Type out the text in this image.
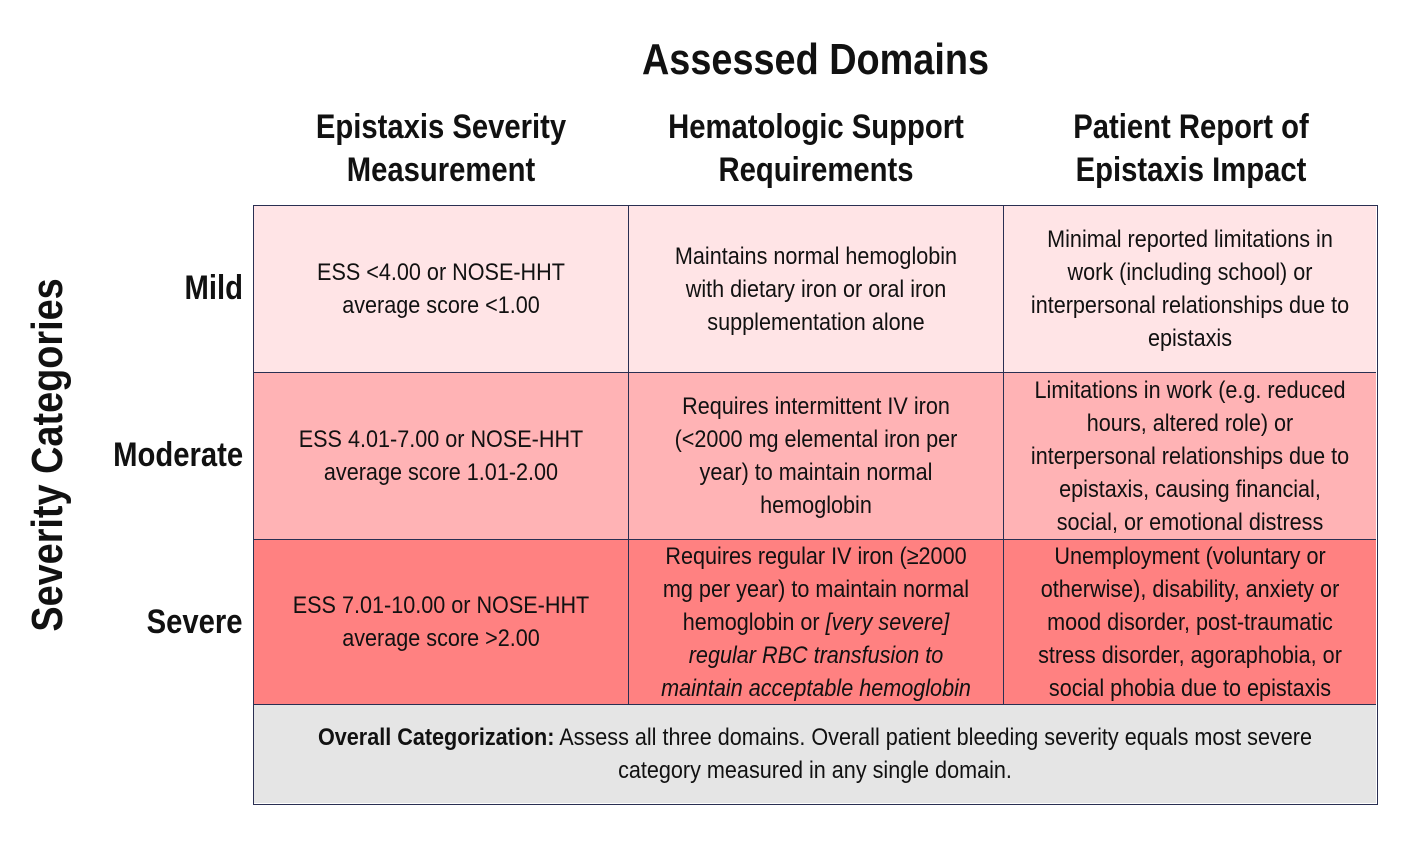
Assessed Domains
Epistaxis Severity Measurement
Hematologic Support Requirements
Patient Report of Epistaxis Impact
Severity Categories	Mild
Moderate
Severe
ESS <4.00 or NOSE-HHT average score <1.00
Maintains normal hemoglobin with dietary iron or oral iron supplementation alone
Minimal reported limitations in work (including school) or interpersonal relationships due to epistaxis
ESS 4.01-7.00 or NOSE-HHT average score 1.01-2.00
Requires intermittent IV iron (<2000 mg elemental iron per year) to maintain normal hemoglobin
Limitations in work (e.g. reduced hours, altered role) or interpersonal relationships due to epistaxis, causing financial, social, or emotional distress
ESS 7.01-10.00 or NOSE-HHT average score >2.00
Requires regular IV iron (≥2000 mg per year) to maintain normal hemoglobin or [very severe] regular RBC transfusion to maintain acceptable hemoglobin
Unemployment (voluntary or otherwise), disability, anxiety or mood disorder, post-traumatic stress disorder, agoraphobia, or social phobia due to epistaxis
Overall Categorization: Assess all three domains. Overall patient bleeding severity equals most severe category measured in any single domain.
